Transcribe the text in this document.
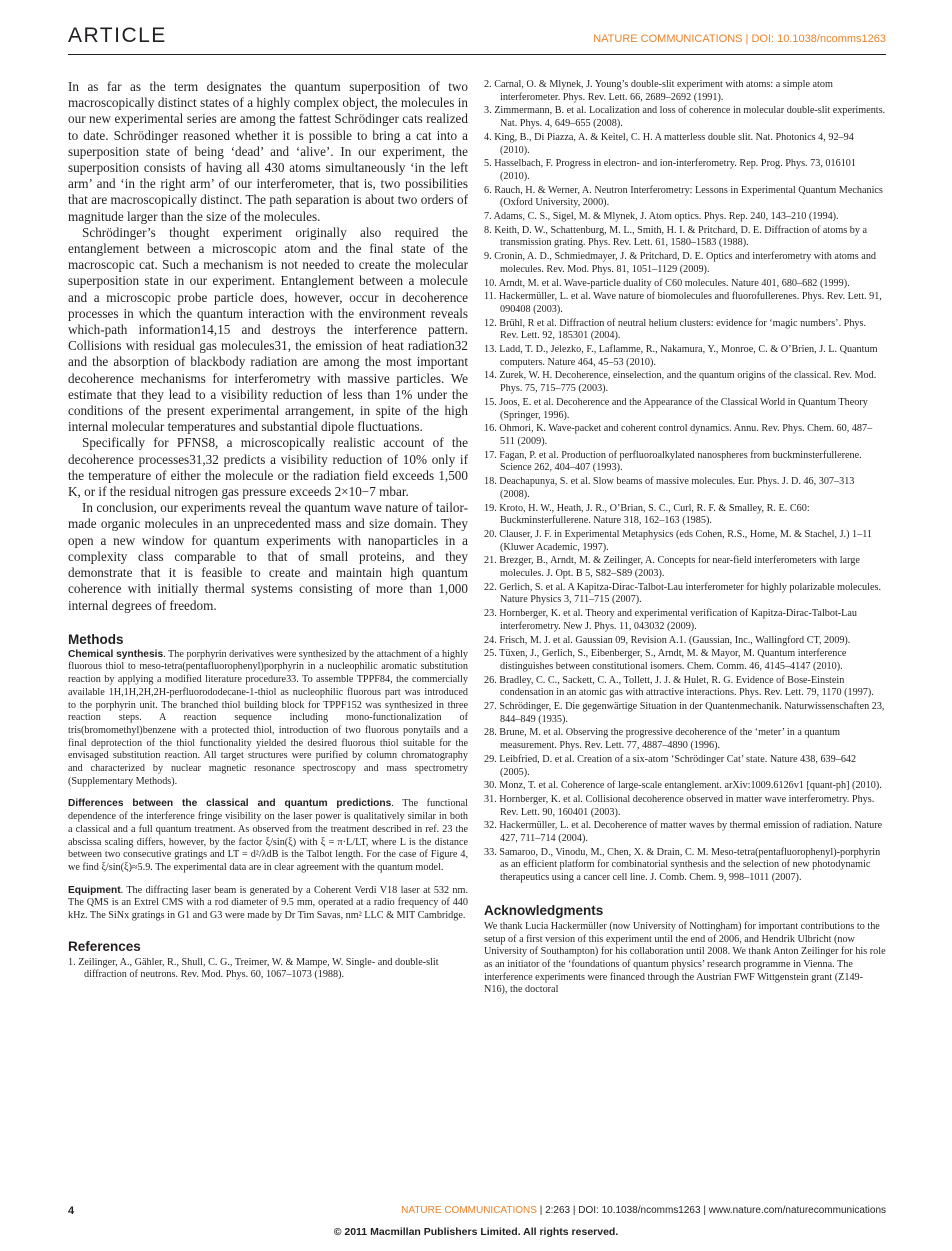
ARTICLE	NATURE COMMUNICATIONS | DOI: 10.1038/ncomms1263

In as far as the term designates the quantum superposition of two macroscopically distinct states of a highly complex object, the molecules in our new experimental series are among the fattest Schrödinger cats realized to date. Schrödinger reasoned whether it is possible to bring a cat into a superposition state of being ‘dead’ and ‘alive’. In our experiment, the superposition consists of having all 430 atoms simultaneously ‘in the left arm’ and ‘in the right arm’ of our interferometer, that is, two possibilities that are macroscopically distinct. The path separation is about two orders of magnitude larger than the size of the molecules.

Schrödinger’s thought experiment originally also required the entanglement between a microscopic atom and the final state of the macroscopic cat. Such a mechanism is not needed to create the molecular superposition state in our experiment. Entanglement between a molecule and a microscopic probe particle does, however, occur in decoherence processes in which the quantum interaction with the environment reveals which-path information14,15 and destroys the interference pattern. Collisions with residual gas molecules31, the emission of heat radiation32 and the absorption of blackbody radiation are among the most important decoherence mechanisms for interferometry with massive particles. We estimate that they lead to a visibility reduction of less than 1% under the conditions of the present experimental arrangement, in spite of the high internal molecular temperatures and substantial dipole fluctuations.

Specifically for PFNS8, a microscopically realistic account of the decoherence processes31,32 predicts a visibility reduction of 10% only if the temperature of either the molecule or the radiation field exceeds 1,500 K, or if the residual nitrogen gas pressure exceeds 2×10−7 mbar.

In conclusion, our experiments reveal the quantum wave nature of tailor-made organic molecules in an unprecedented mass and size domain. They open a new window for quantum experiments with nanoparticles in a complexity class comparable to that of small proteins, and they demonstrate that it is feasible to create and maintain high quantum coherence with initially thermal systems consisting of more than 1,000 internal degrees of freedom.

Methods

Chemical synthesis. The porphyrin derivatives were synthesized by the attachment of a highly fluorous thiol to meso-tetra(pentafluorophenyl)porphyrin in a nucleophilic aromatic substitution reaction by applying a modified literature procedure33. To assemble TPPF84, the commercially available 1H,1H,2H,2H-perfluorododecane-1-thiol as nucleophilic fluorous part was introduced to the porphyrin unit. The branched thiol building block for TPPF152 was synthesized in three reaction steps. A reaction sequence including mono-functionalization of tris(bromomethyl)benzene with a protected thiol, introduction of two fluorous ponytails and a final deprotection of the thiol functionality yielded the desired fluorous thiol suitable for the envisaged substitution reaction. All target structures were purified by column chromatography and characterized by nuclear magnetic resonance spectroscopy and mass spectrometry (Supplementary Methods).

Differences between the classical and quantum predictions. The functional dependence of the interference fringe visibility on the laser power is qualitatively similar in both a classical and a full quantum treatment. As observed from the treatment described in ref. 23 the abscissa scaling differs, however, by the factor ξ/sin(ξ) with ξ = π·L/LT, where L is the distance between two consecutive gratings and LT = d²/λdB is the Talbot length. For the case of Figure 4, we find ξ/sin(ξ)≈5.9. The experimental data are in clear agreement with the quantum model.

Equipment. The diffracting laser beam is generated by a Coherent Verdi V18 laser at 532 nm. The QMS is an Extrel CMS with a rod diameter of 9.5 mm, operated at a radio frequency of 440 kHz. The SiNx gratings in G1 and G3 were made by Dr Tim Savas, nm² LLC & MIT Cambridge.

References

1. Zeilinger, A., Gähler, R., Shull, C. G., Treimer, W. & Mampe, W. Single- and double-slit diffraction of neutrons. Rev. Mod. Phys. 60, 1067–1073 (1988).

2. Carnal, O. & Mlynek, J. Young’s double-slit experiment with atoms: a simple atom interferometer. Phys. Rev. Lett. 66, 2689–2692 (1991).

3. Zimmermann, B. et al. Localization and loss of coherence in molecular double-slit experiments. Nat. Phys. 4, 649–655 (2008).

4. King, B., Di Piazza, A. & Keitel, C. H. A matterless double slit. Nat. Photonics 4, 92–94 (2010).

5. Hasselbach, F. Progress in electron- and ion-interferometry. Rep. Prog. Phys. 73, 016101 (2010).

6. Rauch, H. & Werner, A. Neutron Interferometry: Lessons in Experimental Quantum Mechanics (Oxford University, 2000).

7. Adams, C. S., Sigel, M. & Mlynek, J. Atom optics. Phys. Rep. 240, 143–210 (1994).

8. Keith, D. W., Schattenburg, M. L., Smith, H. I. & Pritchard, D. E. Diffraction of atoms by a transmission grating. Phys. Rev. Lett. 61, 1580–1583 (1988).

9. Cronin, A. D., Schmiedmayer, J. & Pritchard, D. E. Optics and interferometry with atoms and molecules. Rev. Mod. Phys. 81, 1051–1129 (2009).

10. Arndt, M. et al. Wave-particle duality of C60 molecules. Nature 401, 680–682 (1999).

11. Hackermüller, L. et al. Wave nature of biomolecules and fluorofullerenes. Phys. Rev. Lett. 91, 090408 (2003).

12. Brühl, R et al. Diffraction of neutral helium clusters: evidence for ‘magic numbers’. Phys. Rev. Lett. 92, 185301 (2004).

13. Ladd, T. D., Jelezko, F., Laflamme, R., Nakamura, Y., Monroe, C. & O’Brien, J. L. Quantum computers. Nature 464, 45–53 (2010).

14. Zurek, W. H. Decoherence, einselection, and the quantum origins of the classical. Rev. Mod. Phys. 75, 715–775 (2003).

15. Joos, E. et al. Decoherence and the Appearance of the Classical World in Quantum Theory (Springer, 1996).

16. Ohmori, K. Wave-packet and coherent control dynamics. Annu. Rev. Phys. Chem. 60, 487–511 (2009).

17. Fagan, P. et al. Production of perfluoroalkylated nanospheres from buckminsterfullerene. Science 262, 404–407 (1993).

18. Deachapunya, S. et al. Slow beams of massive molecules. Eur. Phys. J. D. 46, 307–313 (2008).

19. Kroto, H. W., Heath, J. R., O’Brian, S. C., Curl, R. F. & Smalley, R. E. C60: Buckminsterfullerene. Nature 318, 162–163 (1985).

20. Clauser, J. F. in Experimental Metaphysics (eds Cohen, R.S., Home, M. & Stachel, J.) 1–11 (Kluwer Academic, 1997).

21. Brezger, B., Arndt, M. & Zeilinger, A. Concepts for near-field interferometers with large molecules. J. Opt. B 5, S82–S89 (2003).

22. Gerlich, S. et al. A Kapitza-Dirac-Talbot-Lau interferometer for highly polarizable molecules. Nature Physics 3, 711–715 (2007).

23. Hornberger, K. et al. Theory and experimental verification of Kapitza-Dirac-Talbot-Lau interferometry. New J. Phys. 11, 043032 (2009).

24. Frisch, M. J. et al. Gaussian 09, Revision A.1. (Gaussian, Inc., Wallingford CT, 2009).

25. Tüxen, J., Gerlich, S., Eibenberger, S., Arndt, M. & Mayor, M. Quantum interference distinguishes between constitutional isomers. Chem. Comm. 46, 4145–4147 (2010).

26. Bradley, C. C., Sackett, C. A., Tollett, J. J. & Hulet, R. G. Evidence of Bose-Einstein condensation in an atomic gas with attractive interactions. Phys. Rev. Lett. 79, 1170 (1997).

27. Schrödinger, E. Die gegenwärtige Situation in der Quantenmechanik. Naturwissenschaften 23, 844–849 (1935).

28. Brune, M. et al. Observing the progressive decoherence of the ‘meter’ in a quantum measurement. Phys. Rev. Lett. 77, 4887–4890 (1996).

29. Leibfried, D. et al. Creation of a six-atom ‘Schrödinger Cat’ state. Nature 438, 639–642 (2005).

30. Monz, T. et al. Coherence of large-scale entanglement. arXiv:1009.6126v1 [quant-ph] (2010).

31. Hornberger, K. et al. Collisional decoherence observed in matter wave interferometry. Phys. Rev. Lett. 90, 160401 (2003).

32. Hackermüller, L. et al. Decoherence of matter waves by thermal emission of radiation. Nature 427, 711–714 (2004).

33. Samaroo, D., Vinodu, M., Chen, X. & Drain, C. M. Meso-tetra(pentafluorophenyl)-porphyrin as an efficient platform for combinatorial synthesis and the selection of new photodynamic therapeutics using a cancer cell line. J. Comb. Chem. 9, 998–1011 (2007).

Acknowledgments

We thank Lucia Hackermüller (now University of Nottingham) for important contributions to the setup of a first version of this experiment until the end of 2006, and Hendrik Ulbricht (now University of Southampton) for his collaboration until 2008. We thank Anton Zeilinger for his role as an initiator of the ‘foundations of quantum physics’ research programme in Vienna. The interference experiments were financed through the Austrian FWF Wittgenstein grant (Z149-N16), the doctoral

4	NATURE COMMUNICATIONS | 2:263 | DOI: 10.1038/ncomms1263 | www.nature.com/naturecommunications
© 2011 Macmillan Publishers Limited. All rights reserved.
